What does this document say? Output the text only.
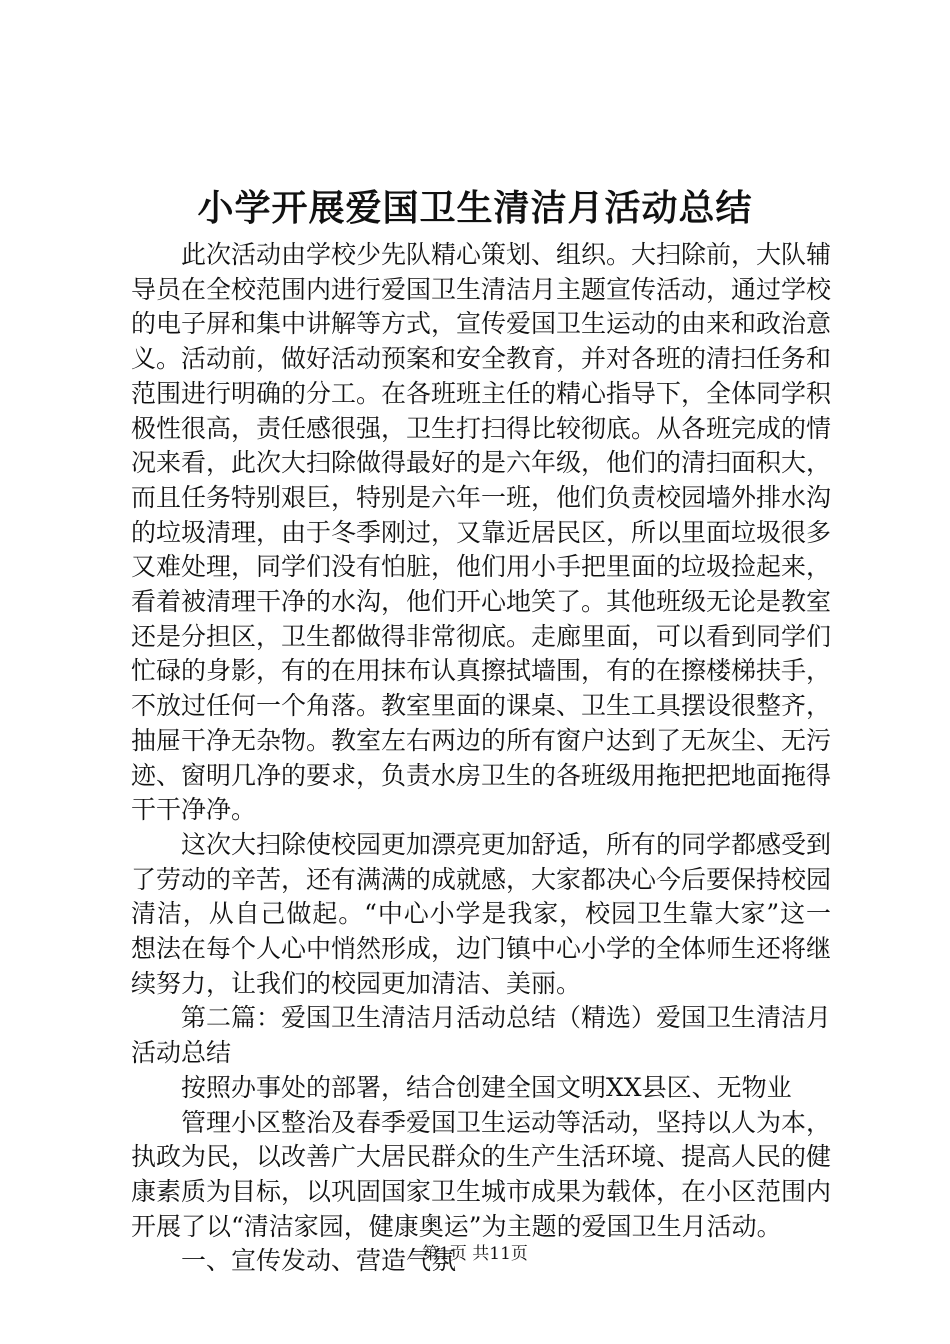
小学开展爱国卫生清洁月活动总结

此次活动由学校少先队精心策划、组织。大扫除前，大队辅导员在全校范围内进行爱国卫生清洁月主题宣传活动，通过学校的电子屏和集中讲解等方式，宣传爱国卫生运动的由来和政治意义。活动前，做好活动预案和安全教育，并对各班的清扫任务和范围进行明确的分工。在各班班主任的精心指导下，全体同学积极性很高，责任感很强，卫生打扫得比较彻底。从各班完成的情况来看，此次大扫除做得最好的是六年级，他们的清扫面积大，而且任务特别艰巨，特别是六年一班，他们负责校园墙外排水沟的垃圾清理，由于冬季刚过，又靠近居民区，所以里面垃圾很多又难处理，同学们没有怕脏，他们用小手把里面的垃圾捡起来，看着被清理干净的水沟，他们开心地笑了。其他班级无论是教室还是分担区，卫生都做得非常彻底。走廊里面，可以看到同学们忙碌的身影，有的在用抹布认真擦拭墙围，有的在擦楼梯扶手，不放过任何一个角落。教室里面的课桌、卫生工具摆设很整齐，抽屉干净无杂物。教室左右两边的所有窗户达到了无灰尘、无污迹、窗明几净的要求，负责水房卫生的各班级用拖把把地面拖得干干净净。

这次大扫除使校园更加漂亮更加舒适，所有的同学都感受到了劳动的辛苦，还有满满的成就感，大家都决心今后要保持校园清洁，从自己做起。“中心小学是我家，校园卫生靠大家”这一想法在每个人心中悄然形成，边门镇中心小学的全体师生还将继续努力，让我们的校园更加清洁、美丽。

第二篇：爱国卫生清洁月活动总结（精选）爱国卫生清洁月活动总结

按照办事处的部署，结合创建全国文明XX县区、无物业

管理小区整治及春季爱国卫生运动等活动，坚持以人为本，执政为民，以改善广大居民群众的生产生活环境、提高人民的健康素质为目标，以巩固国家卫生城市成果为载体，在小区范围内开展了以“清洁家园，健康奥运”为主题的爱国卫生月活动。

一、宣传发动、营造气氛

第1页 共11页
